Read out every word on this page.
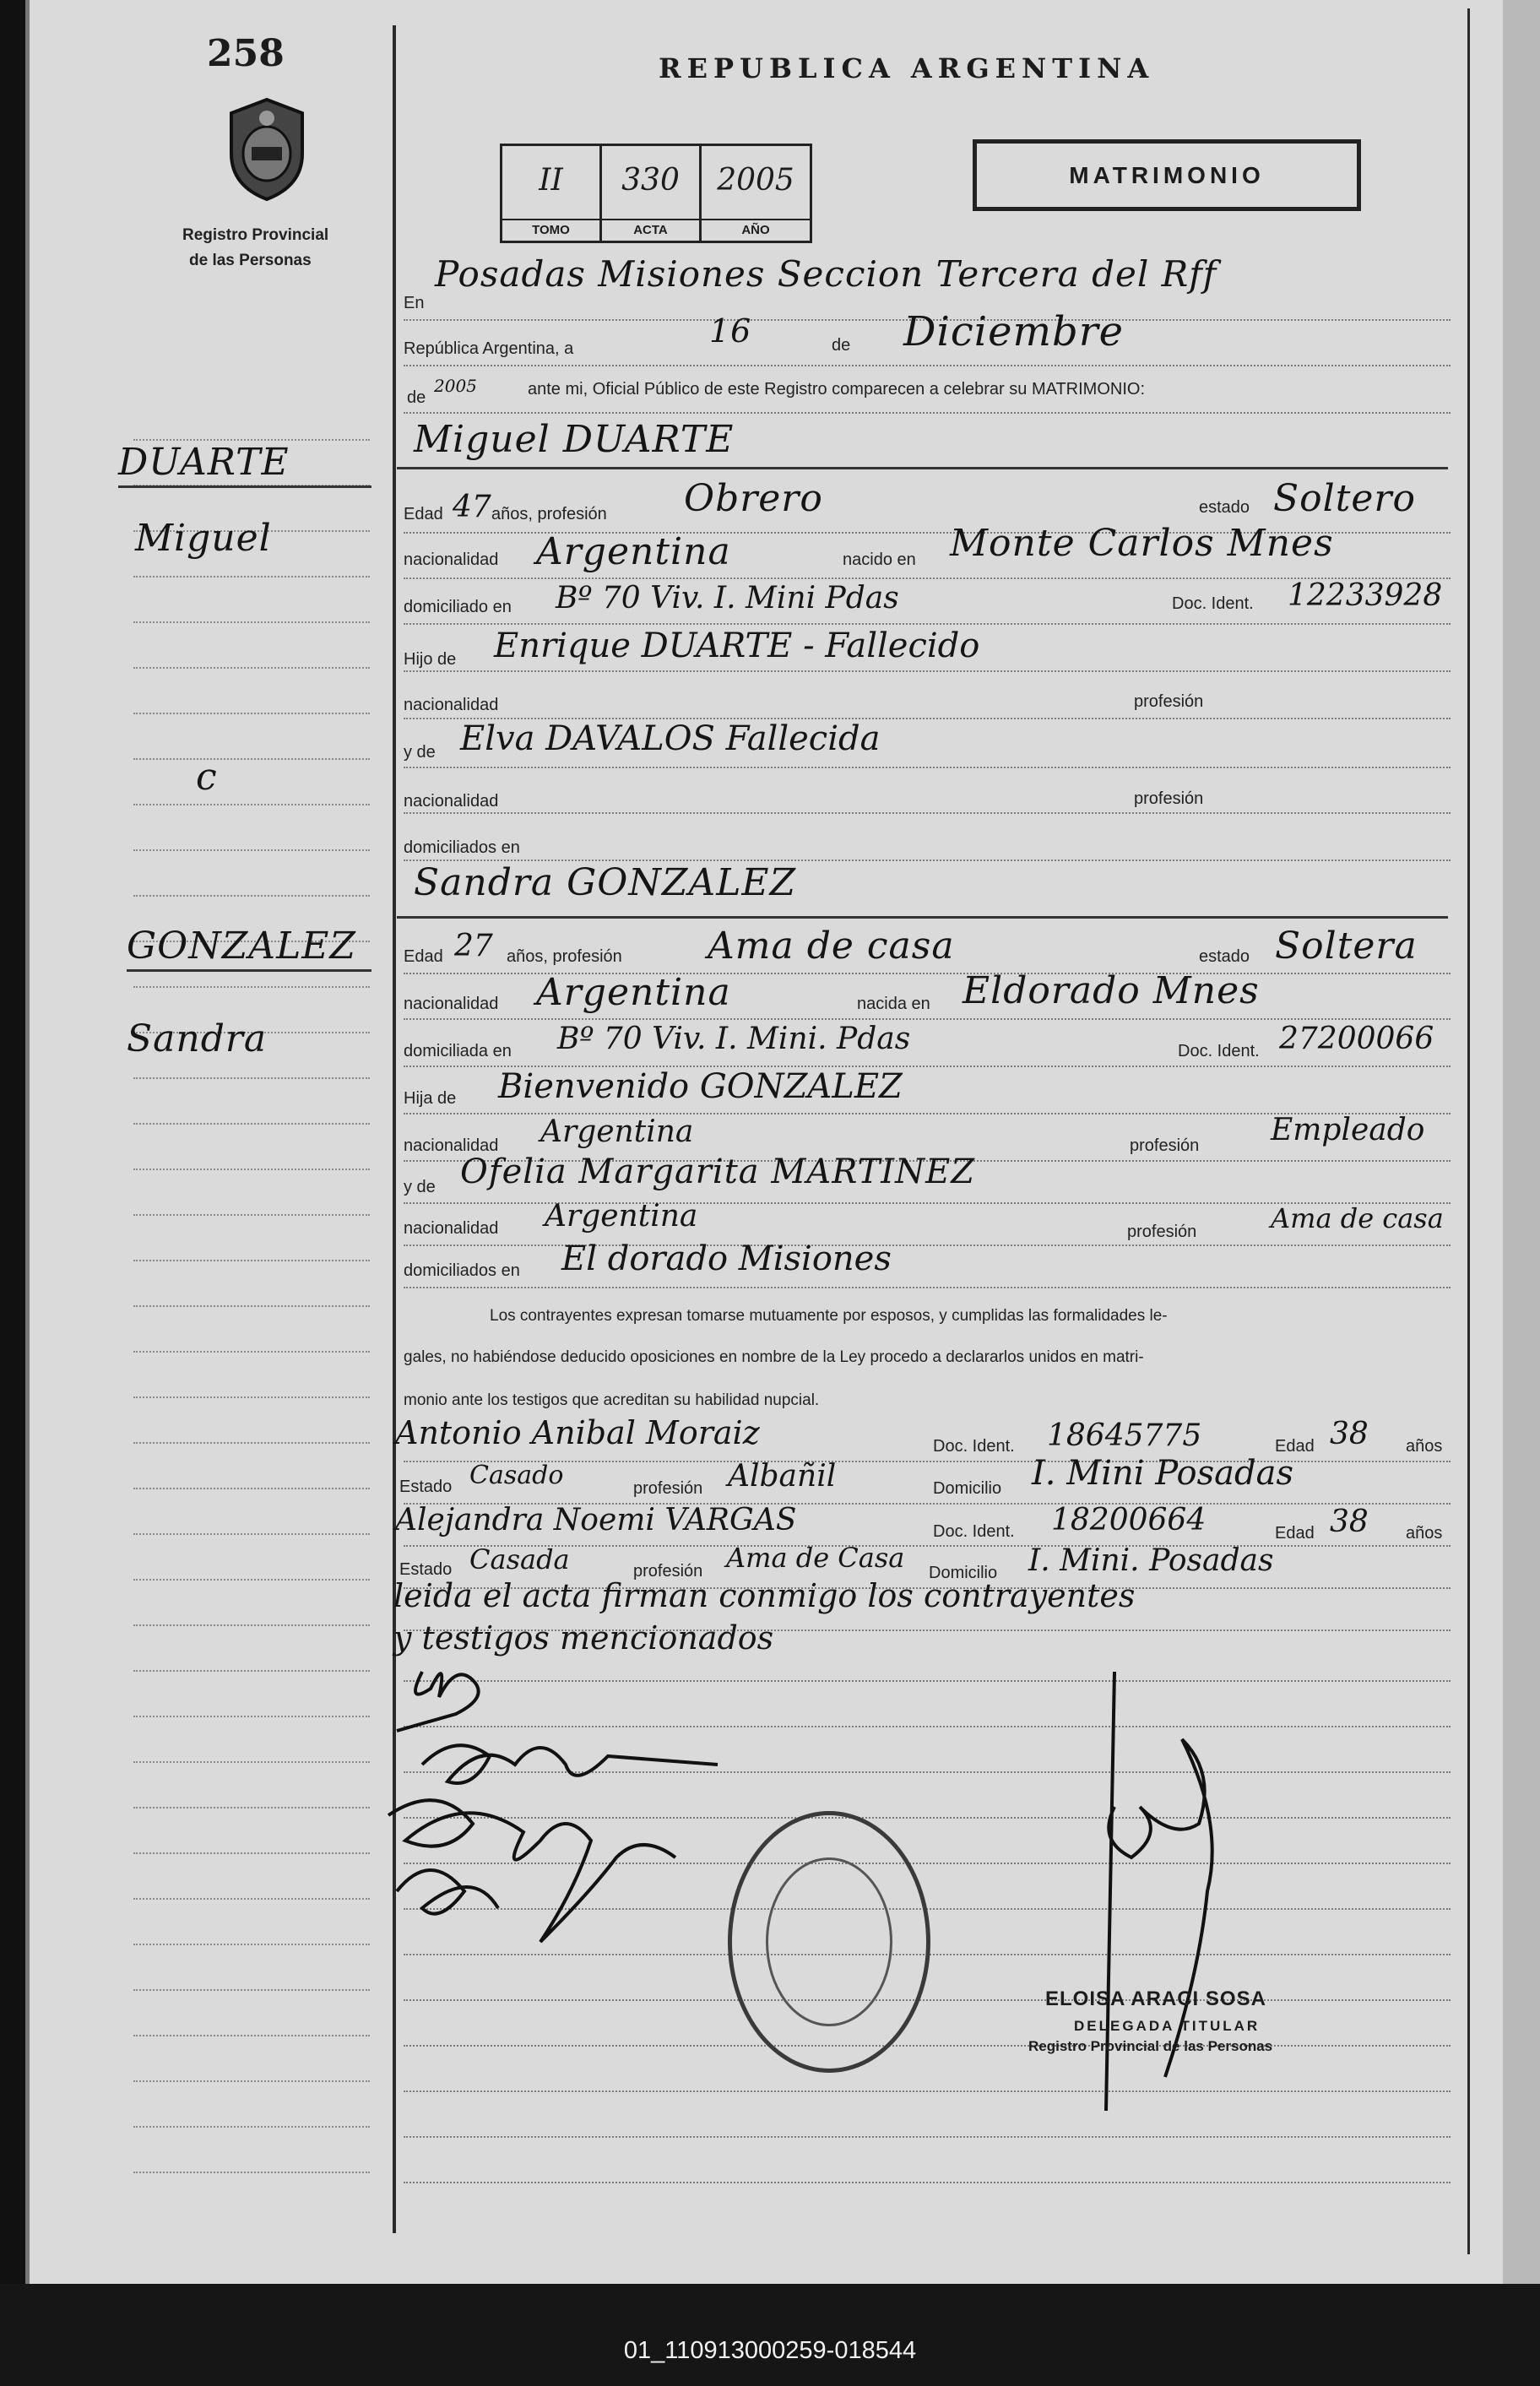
258
Registro Provincial
de las Personas
REPUBLICA ARGENTINA
II
TOMO
330
ACTA
2005
AÑO
MATRIMONIO
DUARTE
Miguel
c
GONZALEZ
Sandra
En
Posadas Misiones Seccion Tercera del Rff
República Argentina, a	16	de Diciembre
de
2005	ante mi, Oficial Público de este Registro comparecen a celebrar su MATRIMONIO:
Miguel DUARTE
Edad 47 años, profesión Obrero	estado Soltero
nacionalidad Argentina	nacido en Monte Carlos Mnes
domiciliado en Bº 70 Viv. I. Mini Pdas	Doc. Ident. 12233928
Hijo de Enrique DUARTE - Fallecido
nacionalidad	profesión
y de Elva DAVALOS Fallecida
nacionalidad	profesión
domiciliados en
Sandra GONZALEZ
Edad 27 años, profesión Ama de casa	estado Soltera
nacionalidad Argentina	nacida en Eldorado Mnes
domiciliada en Bº 70 Viv. I. Mini. Pdas	Doc. Ident. 27200066
Hija de Bienvenido GONZALEZ
nacionalidad Argentina	profesión Empleado
y de Ofelia Margarita MARTINEZ
nacionalidad Argentina	profesión	Ama de casa
domiciliados en El dorado Misiones
Los contrayentes expresan tomarse mutuamente por esposos, y cumplidas las formalidades le-
gales, no habiéndose deducido oposiciones en nombre de la Ley procedo a declararlos unidos en matri-
monio ante los testigos que acreditan su habilidad nupcial.
Antonio Anibal Moraiz	Doc. Ident. 18645775	Edad 38 años
Estado Casado	profesión Albañil	Domicilio I. Mini Posadas
Alejandra Noemi VARGAS	Doc. Ident. 18200664	Edad 38 años
Estado Casada	profesión Ama de Casa Domicilio I. Mini. Posadas
leida el acta firman conmigo los contrayentes
y testigos mencionados
ELOISA ARACI SOSA
DELEGADA TITULAR
Registro Provincial de las Personas
01_110913000259-018544
